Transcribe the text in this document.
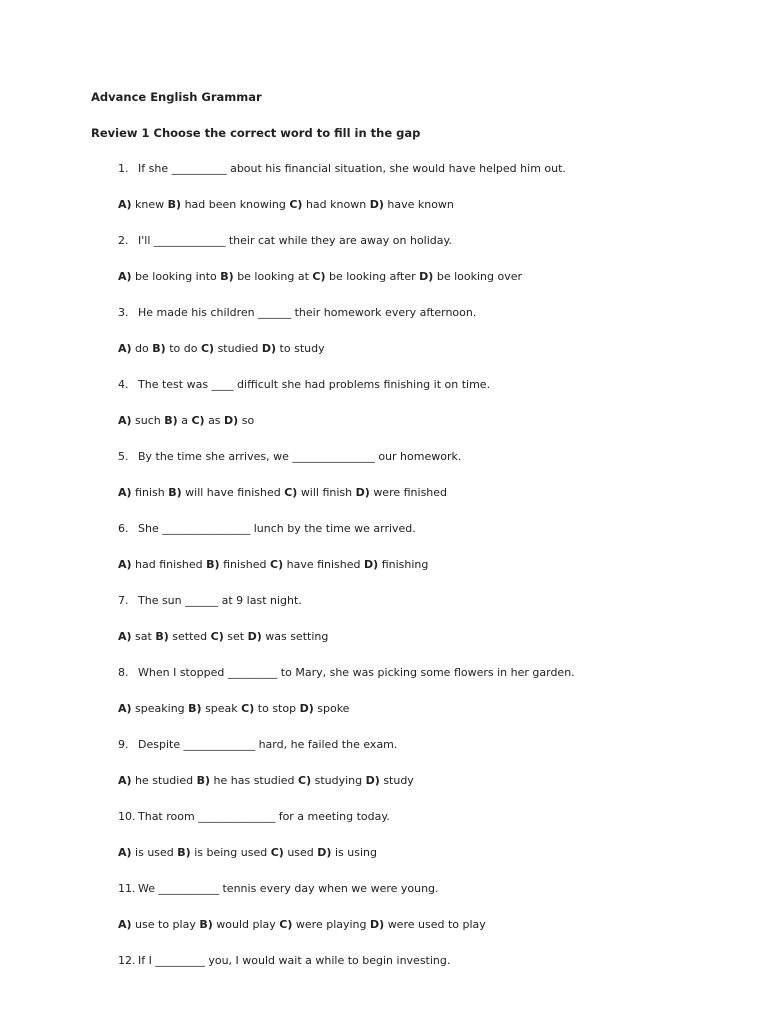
Advance English Grammar
Review 1 Choose the correct word to fill in the gap
1. If she __________ about his financial situation, she would have helped him out.
A) knew B) had been knowing C) had known D) have known
2. I'll _____________ their cat while they are away on holiday.
A) be looking into B) be looking at C) be looking after D) be looking over
3. He made his children ______ their homework every afternoon.
A) do B) to do C) studied D) to study
4. The test was ____ difficult she had problems finishing it on time.
A) such B) a C) as D) so
5. By the time she arrives, we _______________ our homework.
A) finish B) will have finished C) will finish D) were finished
6. She ________________ lunch by the time we arrived.
A) had finished B) finished C) have finished D) finishing
7. The sun ______ at 9 last night.
A) sat B) setted C) set D) was setting
8. When I stopped _________ to Mary, she was picking some flowers in her garden.
A) speaking B) speak C) to stop D) spoke
9. Despite _____________ hard, he failed the exam.
A) he studied B) he has studied C) studying D) study
10. That room ______________ for a meeting today.
A) is used B) is being used C) used D) is using
11. We ___________ tennis every day when we were young.
A) use to play B) would play C) were playing D) were used to play
12. If I _________ you, I would wait a while to begin investing.
